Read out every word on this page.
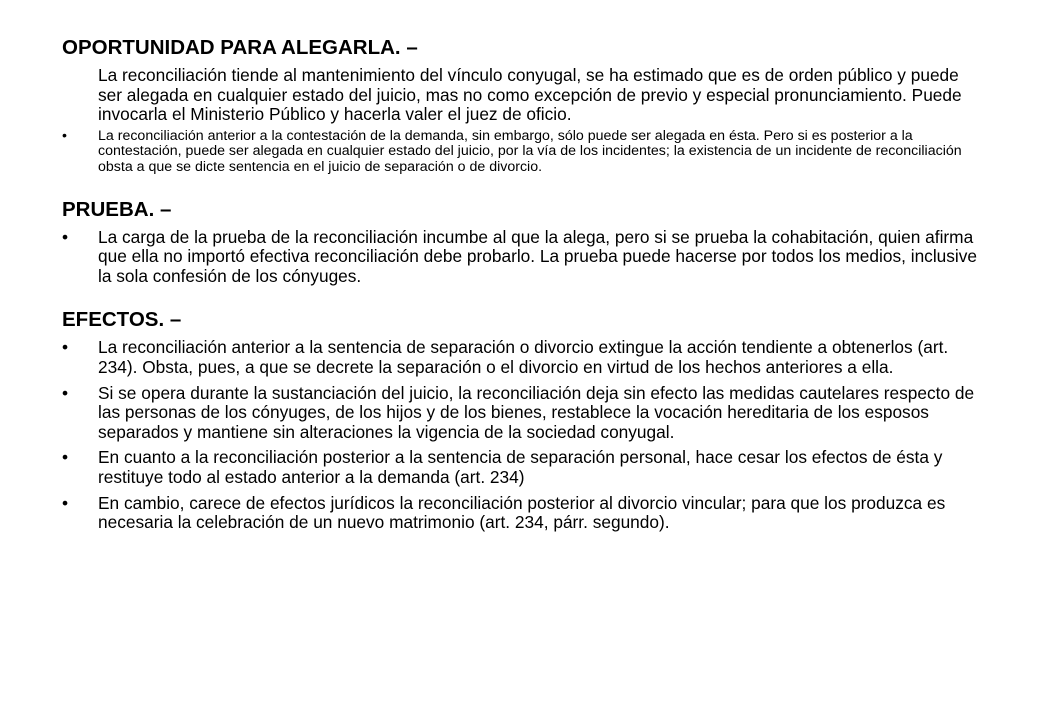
OPORTUNIDAD PARA ALEGARLA. –

La reconciliación tiende al mantenimiento del vínculo conyugal, se ha estimado que es de orden público y puede ser alegada en cualquier estado del juicio, mas no como excepción de previo y especial pronunciamiento. Puede invocarla el Ministerio Público y hacerla valer el juez de oficio.

• La reconciliación anterior a la contestación de la demanda, sin embargo, sólo puede ser alegada en ésta. Pero si es posterior a la contestación, puede ser alegada en cualquier estado del juicio, por la vía de los incidentes; la existencia de un incidente de reconciliación obsta a que se dicte sentencia en el juicio de separación o de divorcio.
PRUEBA. –
• La carga de la prueba de la reconciliación incumbe al que la alega, pero si se prueba la cohabitación, quien afirma que ella no importó efectiva reconciliación debe probarlo. La prueba puede hacerse por todos los medios, inclusive la sola confesión de los cónyuges.
EFECTOS. –
• La reconciliación anterior a la sentencia de separación o divorcio extingue la acción tendiente a obtenerlos (art. 234). Obsta, pues, a que se decrete la separación o el divorcio en virtud de los hechos anteriores a ella.
• Si se opera durante la sustanciación del juicio, la reconciliación deja sin efecto las medidas cautelares respecto de las personas de los cónyuges, de los hijos y de los bienes, restablece la vocación hereditaria de los esposos separados y mantiene sin alteraciones la vigencia de la sociedad conyugal.
• En cuanto a la reconciliación posterior a la sentencia de separación personal, hace cesar los efectos de ésta y restituye todo al estado anterior a la demanda (art. 234)
• En cambio, carece de efectos jurídicos la reconciliación posterior al divorcio vincular; para que los produzca es necesaria la celebración de un nuevo matrimonio (art. 234, párr. segundo).
